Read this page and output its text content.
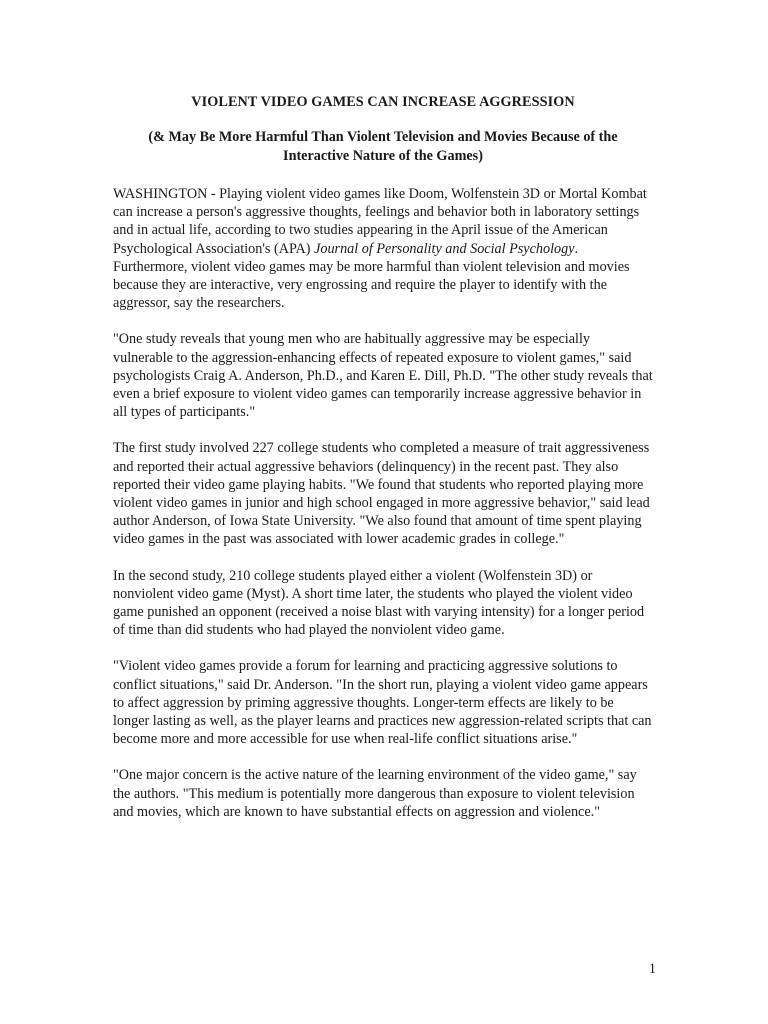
VIOLENT VIDEO GAMES CAN INCREASE AGGRESSION

(& May Be More Harmful Than Violent Television and Movies Because of the
Interactive Nature of the Games)

WASHINGTON - Playing violent video games like Doom, Wolfenstein 3D or Mortal Kombat can increase a person's aggressive thoughts, feelings and behavior both in laboratory settings and in actual life, according to two studies appearing in the April issue of the American Psychological Association's (APA) Journal of Personality and Social Psychology. Furthermore, violent video games may be more harmful than violent television and movies because they are interactive, very engrossing and require the player to identify with the aggressor, say the researchers.

"One study reveals that young men who are habitually aggressive may be especially vulnerable to the aggression-enhancing effects of repeated exposure to violent games," said psychologists Craig A. Anderson, Ph.D., and Karen E. Dill, Ph.D. "The other study reveals that even a brief exposure to violent video games can temporarily increase aggressive behavior in all types of participants."

The first study involved 227 college students who completed a measure of trait aggressiveness and reported their actual aggressive behaviors (delinquency) in the recent past. They also reported their video game playing habits. "We found that students who reported playing more violent video games in junior and high school engaged in more aggressive behavior," said lead author Anderson, of Iowa State University. "We also found that amount of time spent playing video games in the past was associated with lower academic grades in college."

In the second study, 210 college students played either a violent (Wolfenstein 3D) or nonviolent video game (Myst). A short time later, the students who played the violent video game punished an opponent (received a noise blast with varying intensity) for a longer period of time than did students who had played the nonviolent video game.

"Violent video games provide a forum for learning and practicing aggressive solutions to conflict situations," said Dr. Anderson. "In the short run, playing a violent video game appears to affect aggression by priming aggressive thoughts. Longer-term effects are likely to be longer lasting as well, as the player learns and practices new aggression-related scripts that can become more and more accessible for use when real-life conflict situations arise."

"One major concern is the active nature of the learning environment of the video game," say the authors. "This medium is potentially more dangerous than exposure to violent television and movies, which are known to have substantial effects on aggression and violence."

1
